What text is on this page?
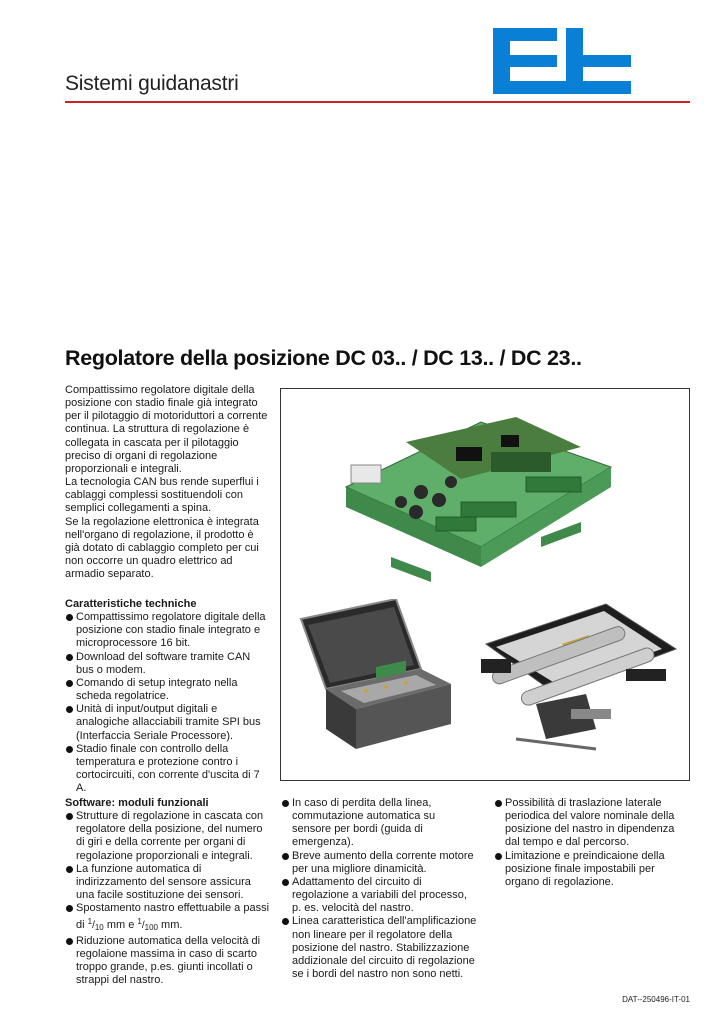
Sistemi guidanastri
Regolatore della posizione DC 03.. / DC 13.. / DC 23..

Compattissimo regolatore digitale della posizione con stadio finale già integrato per il pilotaggio di motoriduttori a corrente continua. La struttura di regolazione è collegata in cascata per il pilotaggio preciso di organi di regolazione proporzionali e integrali.

La tecnologia CAN bus rende superflui i cablaggi complessi sostituendoli con semplici collegamenti a spina.

Se la regolazione elettronica è integrata nell'organo di regolazione, il prodotto è già dotato di cablaggio completo per cui non occorre un quadro elettrico ad armadio separato.

Caratteristiche techniche

Compattissimo regolatore digitale della posizione con stadio finale integrato e microprocessore 16 bit.
Download del software tramite CAN bus o modem.
Comando di setup integrato nella scheda regolatrice.
Unità di input/output digitali e analogiche allacciabili tramite SPI bus (Interfaccia Seriale Processore).
Stadio finale con controllo della temperatura e protezione contro i cortocircuiti, con corrente d'uscita di 7 A.

Software: moduli funzionali

Strutture di regolazione in cascata con regolatore della posizione, del numero di giri e della corrente per organi di regolazione proporzionali e integrali.
La funzione automatica di indirizzamento del sensore assicura una facile sostituzione dei sensori.
Spostamento nastro effettuabile a passi di $^1/_{10}$ mm e $^1/_{100}$ mm.
Riduzione automatica della velocità di regolaione massima in caso di scarto troppo grande, p.es. giunti incollati o strappi del nastro.
In caso di perdita della linea, commutazione automatica su sensore per bordi (guida di emergenza).
Breve aumento della corrente motore per una migliore dinamicità.
Adattamento del circuito di regolazione a variabili del processo, p. es. velocità del nastro.
Linea caratteristica dell'amplificazione non lineare per il regolatore della posizione del nastro. Stabilizzazione addizionale del circuito di regolazione se i bordi del nastro non sono netti.
Possibilità di traslazione laterale periodica del valore nominale della posizione del nastro in dipendenza dal tempo e dal percorso.
Limitazione e preindicaione della posizione finale impostabili per organo di regolazione.
DAT--250496-IT-01
